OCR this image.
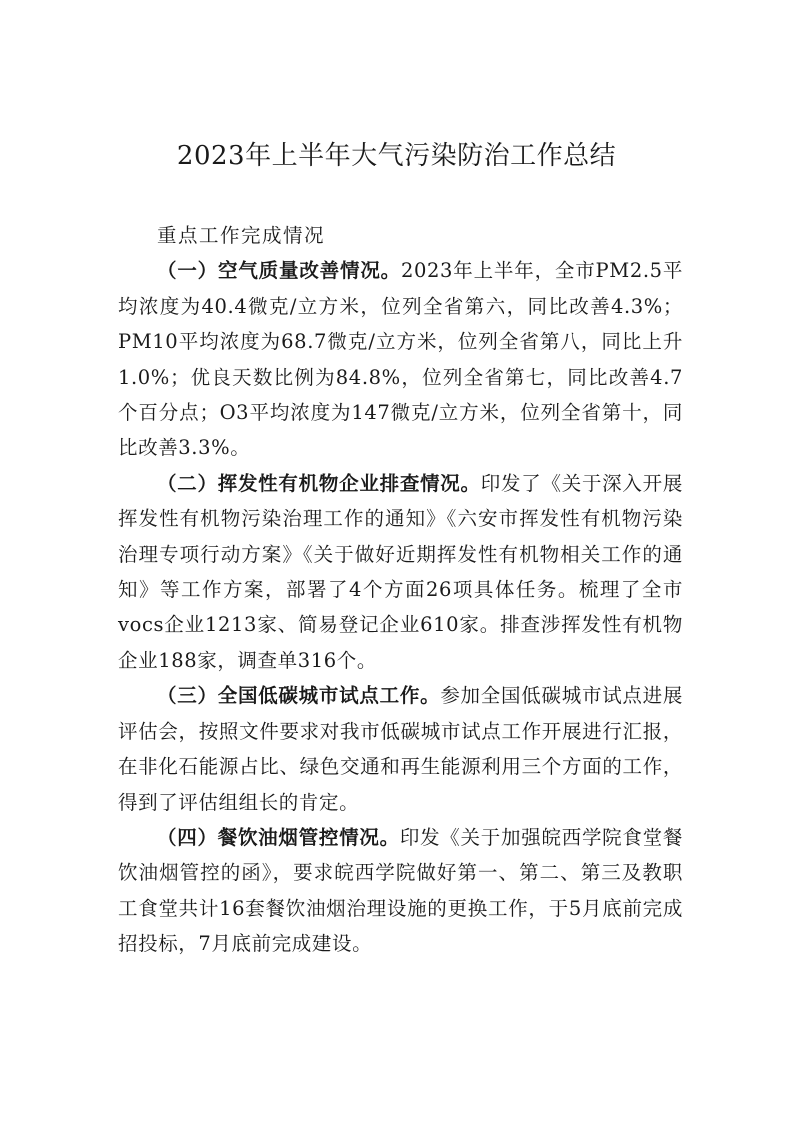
2023年上半年大气污染防治工作总结

重点工作完成情况

（一）空气质量改善情况。2023年上半年，全市PM2.5平均浓度为40.4微克/立方米，位列全省第六，同比改善4.3%；PM10平均浓度为68.7微克/立方米，位列全省第八，同比上升1.0%；优良天数比例为84.8%，位列全省第七，同比改善4.7个百分点；O3平均浓度为147微克/立方米，位列全省第十，同比改善3.3%。

（二）挥发性有机物企业排查情况。印发了《关于深入开展挥发性有机物污染治理工作的通知》《六安市挥发性有机物污染治理专项行动方案》《关于做好近期挥发性有机物相关工作的通知》等工作方案，部署了4个方面26项具体任务。梳理了全市vocs企业1213家、简易登记企业610家。排查涉挥发性有机物企业188家，调查单316个。

（三）全国低碳城市试点工作。参加全国低碳城市试点进展评估会，按照文件要求对我市低碳城市试点工作开展进行汇报，在非化石能源占比、绿色交通和再生能源利用三个方面的工作，得到了评估组组长的肯定。

（四）餐饮油烟管控情况。印发《关于加强皖西学院食堂餐饮油烟管控的函》，要求皖西学院做好第一、第二、第三及教职工食堂共计16套餐饮油烟治理设施的更换工作，于5月底前完成招投标，7月底前完成建设。
